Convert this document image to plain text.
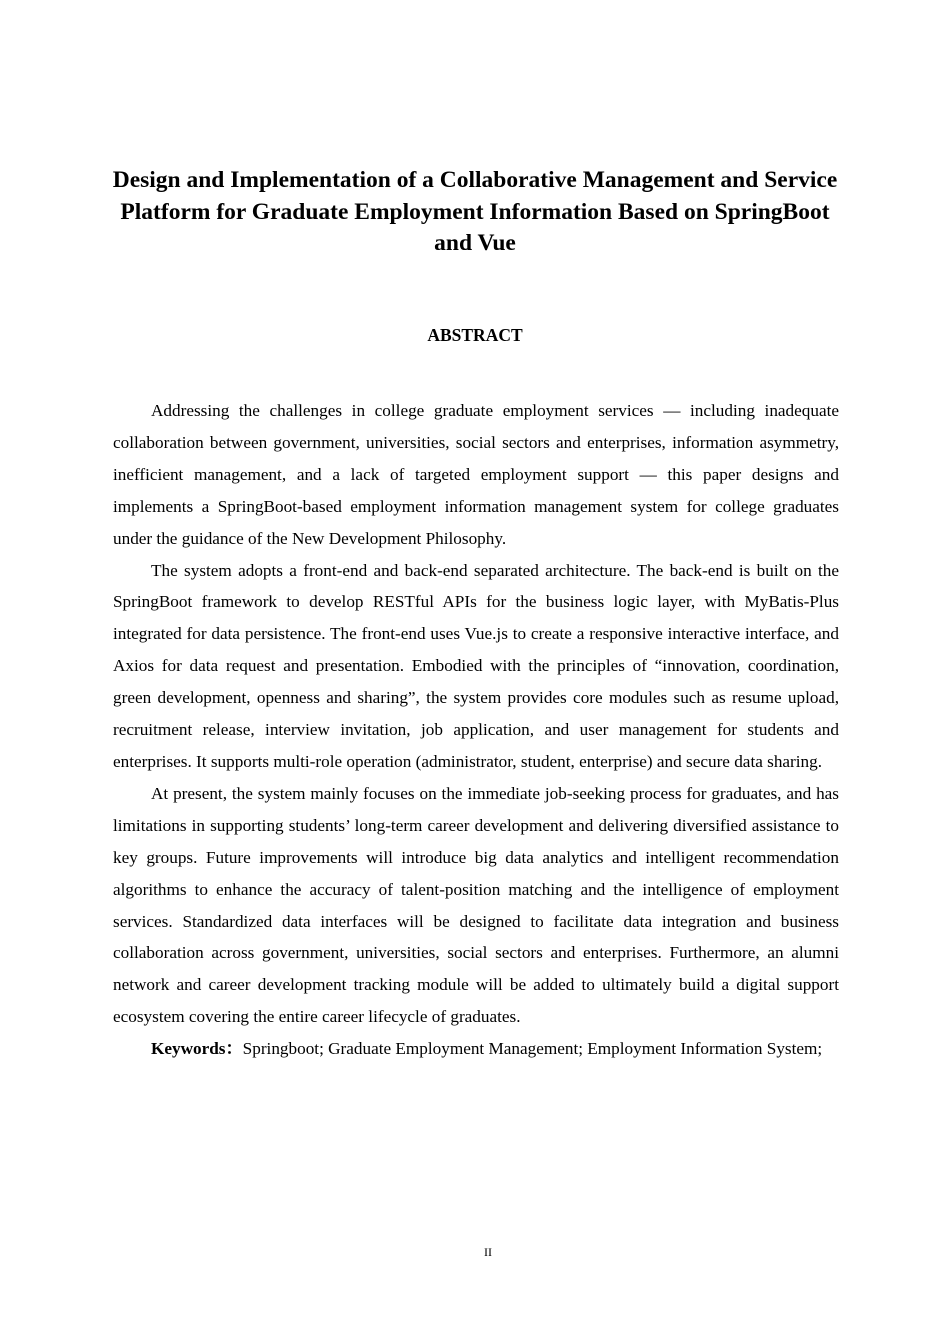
Design and Implementation of a Collaborative Management and Service Platform for Graduate Employment Information Based on SpringBoot and Vue
ABSTRACT

Addressing the challenges in college graduate employment services — including inadequate collaboration between government, universities, social sectors and enterprises, information asymmetry, inefficient management, and a lack of targeted employment support — this paper designs and implements a SpringBoot-based employment information management system for college graduates under the guidance of the New Development Philosophy.

The system adopts a front-end and back-end separated architecture. The back-end is built on the SpringBoot framework to develop RESTful APIs for the business logic layer, with MyBatis-Plus integrated for data persistence. The front-end uses Vue.js to create a responsive interactive interface, and Axios for data request and presentation. Embodied with the principles of “innovation, coordination, green development, openness and sharing”, the system provides core modules such as resume upload, recruitment release, interview invitation, job application, and user management for students and enterprises. It supports multi-role operation (administrator, student, enterprise) and secure data sharing.

At present, the system mainly focuses on the immediate job-seeking process for graduates, and has limitations in supporting students’ long-term career development and delivering diversified assistance to key groups. Future improvements will introduce big data analytics and intelligent recommendation algorithms to enhance the accuracy of talent-position matching and the intelligence of employment services. Standardized data interfaces will be designed to facilitate data integration and business collaboration across government, universities, social sectors and enterprises. Furthermore, an alumni network and career development tracking module will be added to ultimately build a digital support ecosystem covering the entire career lifecycle of graduates.

Keywords：Springboot; Graduate Employment Management; Employment Information System;

II
